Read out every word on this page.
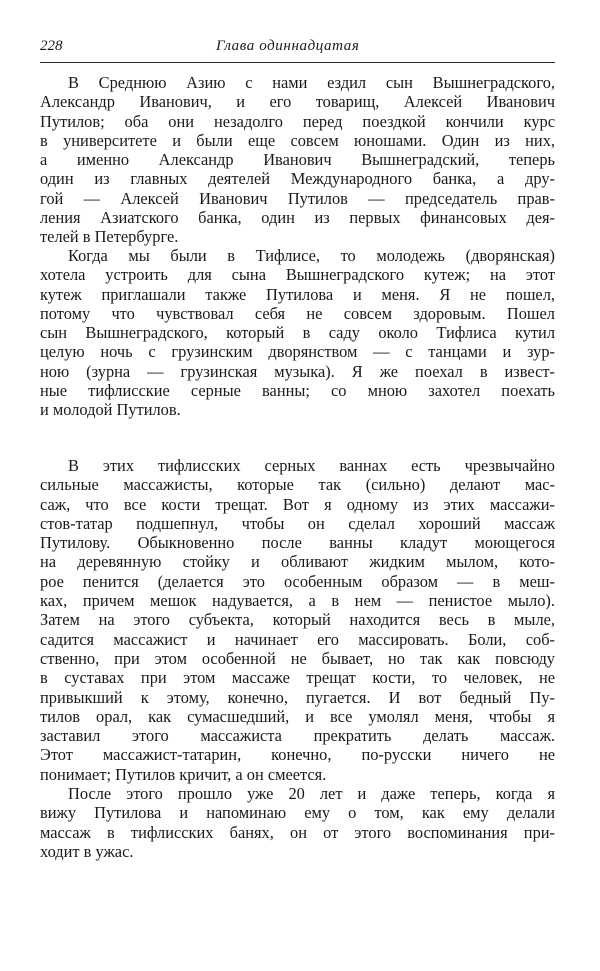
228	Глава одиннадцатая
В Среднюю Азию с нами ездил сын Вышнеградского,
Александр Иванович, и его товарищ, Алексей Иванович
Путилов; оба они незадолго перед поездкой кончили курс
в университете и были еще совсем юношами. Один из них,
а именно Александр Иванович Вышнеградский, теперь
один из главных деятелей Международного банка, а дру-
гой — Алексей Иванович Путилов — председатель прав-
ления Азиатского банка, один из первых финансовых дея-
телей в Петербурге.
Когда мы были в Тифлисе, то молодежь (дворянская)
хотела устроить для сына Вышнеградского кутеж; на этот
кутеж приглашали также Путилова и меня. Я не пошел,
потому что чувствовал себя не совсем здоровым. Пошел
сын Вышнеградского, который в саду около Тифлиса кутил
целую ночь с грузинским дворянством — с танцами и зур-
ною (зурна — грузинская музыка). Я же поехал в извест-
ные тифлисские серные ванны; со мною захотел поехать
и молодой Путилов.
В этих тифлисских серных ваннах есть чрезвычайно
сильные массажисты, которые так (сильно) делают мас-
саж, что все кости трещат. Вот я одному из этих массажи-
стов-татар подшепнул, чтобы он сделал хороший массаж
Путилову. Обыкновенно после ванны кладут моющегося
на деревянную стойку и обливают жидким мылом, кото-
рое пенится (делается это особенным образом — в меш-
ках, причем мешок надувается, а в нем — пенистое мыло).
Затем на этого субъекта, который находится весь в мыле,
садится массажист и начинает его массировать. Боли, соб-
ственно, при этом особенной не бывает, но так как повсюду
в суставах при этом массаже трещат кости, то человек, не
привыкший к этому, конечно, пугается. И вот бедный Пу-
тилов орал, как сумасшедший, и все умолял меня, чтобы я
заставил этого массажиста прекратить делать массаж.
Этот массажист-татарин, конечно, по-русски ничего не
понимает; Путилов кричит, а он смеется.
После этого прошло уже 20 лет и даже теперь, когда я
вижу Путилова и напоминаю ему о том, как ему делали
массаж в тифлисских банях, он от этого воспоминания при-
ходит в ужас.
